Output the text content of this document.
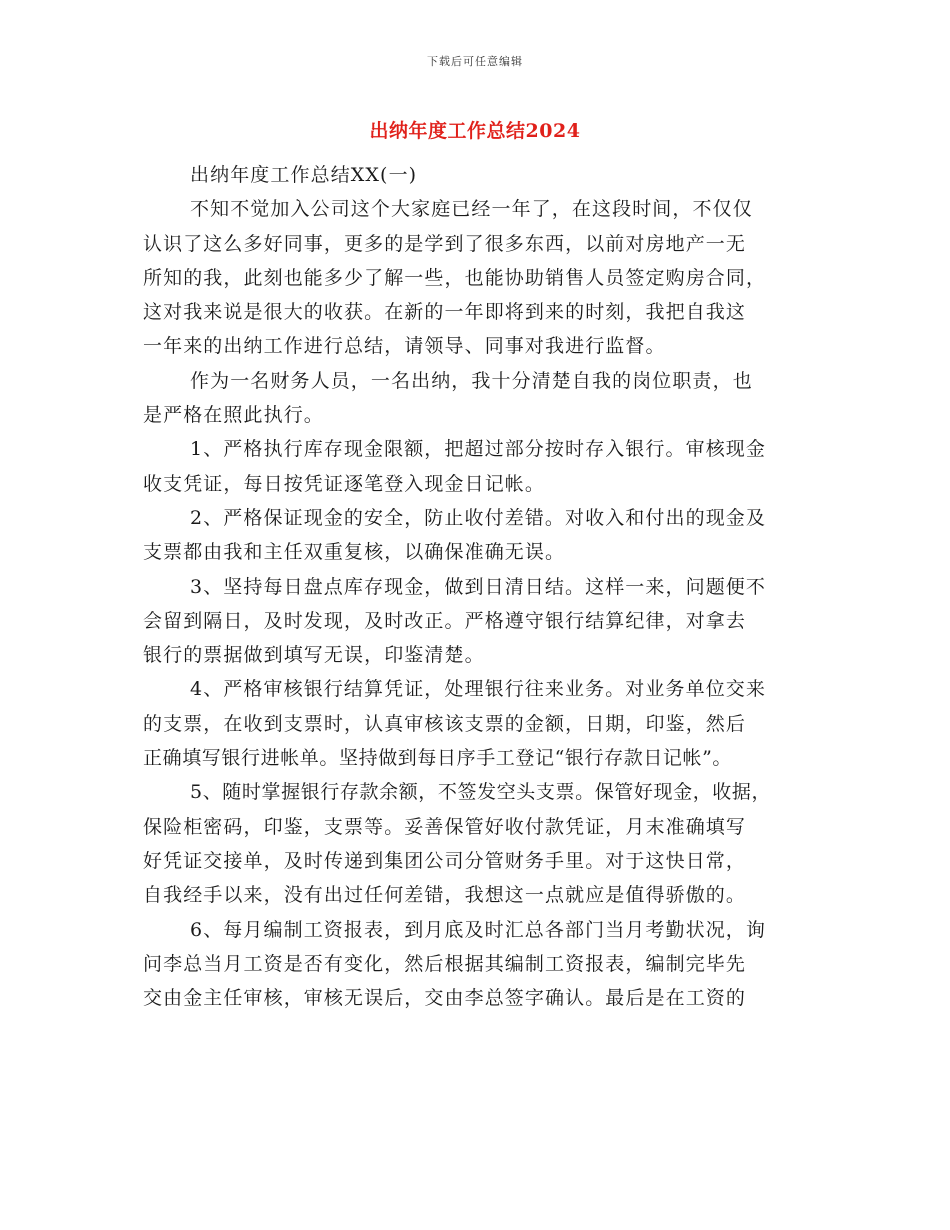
下载后可任意编辑
出纳年度工作总结2024
出纳年度工作总结XX(一)
不知不觉加入公司这个大家庭已经一年了，在这段时间，不仅仅
认识了这么多好同事，更多的是学到了很多东西，以前对房地产一无
所知的我，此刻也能多少了解一些，也能协助销售人员签定购房合同，
这对我来说是很大的收获。在新的一年即将到来的时刻，我把自我这
一年来的出纳工作进行总结，请领导、同事对我进行监督。
作为一名财务人员，一名出纳，我十分清楚自我的岗位职责，也
是严格在照此执行。
1、严格执行库存现金限额，把超过部分按时存入银行。审核现金
收支凭证，每日按凭证逐笔登入现金日记帐。
2、严格保证现金的安全，防止收付差错。对收入和付出的现金及
支票都由我和主任双重复核，以确保准确无误。
3、坚持每日盘点库存现金，做到日清日结。这样一来，问题便不
会留到隔日，及时发现，及时改正。严格遵守银行结算纪律，对拿去
银行的票据做到填写无误，印鉴清楚。
4、严格审核银行结算凭证，处理银行往来业务。对业务单位交来
的支票，在收到支票时，认真审核该支票的金额，日期，印鉴，然后
正确填写银行进帐单。坚持做到每日序手工登记“银行存款日记帐”。
5、随时掌握银行存款余额，不签发空头支票。保管好现金，收据，
保险柜密码，印鉴，支票等。妥善保管好收付款凭证，月末准确填写
好凭证交接单，及时传递到集团公司分管财务手里。对于这快日常，
自我经手以来，没有出过任何差错，我想这一点就应是值得骄傲的。
6、每月编制工资报表，到月底及时汇总各部门当月考勤状况，询
问李总当月工资是否有变化，然后根据其编制工资报表，编制完毕先
交由金主任审核，审核无误后，交由李总签字确认。最后是在工资的
